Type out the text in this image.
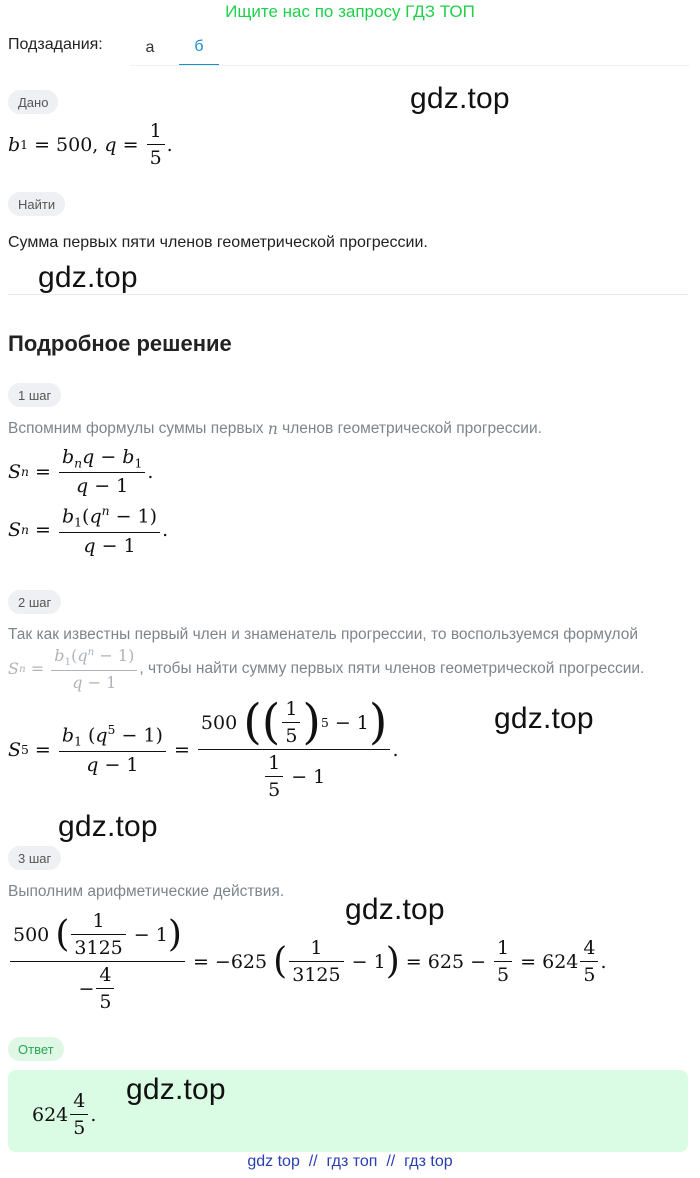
Ищите нас по запросу ГДЗ ТОП
Подзадания:	а	б
Дано	gdz.top
b 1 = 500 , $q = \frac{1}{5}$ .
Найти
Сумма первых пяти членов геометрической прогрессии.
gdz.top
Подробное решение
1 шаг
Вспомним формулы суммы первых
n
членов геометрической прогрессии.
S $n = \frac{b_nq - b_1}{q - 1}$ .
S $n = \frac{b_1(q^n - 1)}{q - 1}$ .
2 шаг
Так как известны первый член и знаменатель прогрессии, то воспользуемся формулой
S $n = \frac{b_1(q^n - 1)}{q - 1}$ , чтобы найти сумму первых пяти членов геометрической прогрессии.
gdz.top
S $5 = \frac{b_1 (q^5 - 1)}{q - 1} = 500$
( ( $\frac{1}{5}$ ) 5 − 1 )
$\frac{1}{5} - 1$ .
gdz.top
3 шаг
Выполним арифметические действия.
gdz.top
500
( $\frac{1}{3125} - 1$ )
− $\frac{4}{5}$ = − 625
( $\frac{1}{3125} - 1$ ) = $625 - \frac{1}{5} = 624 \frac{4}{5}$ .
Ответ
$624 \frac{4}{5}$ .
gdz.top
gdz top // гдз топ // гдз top
